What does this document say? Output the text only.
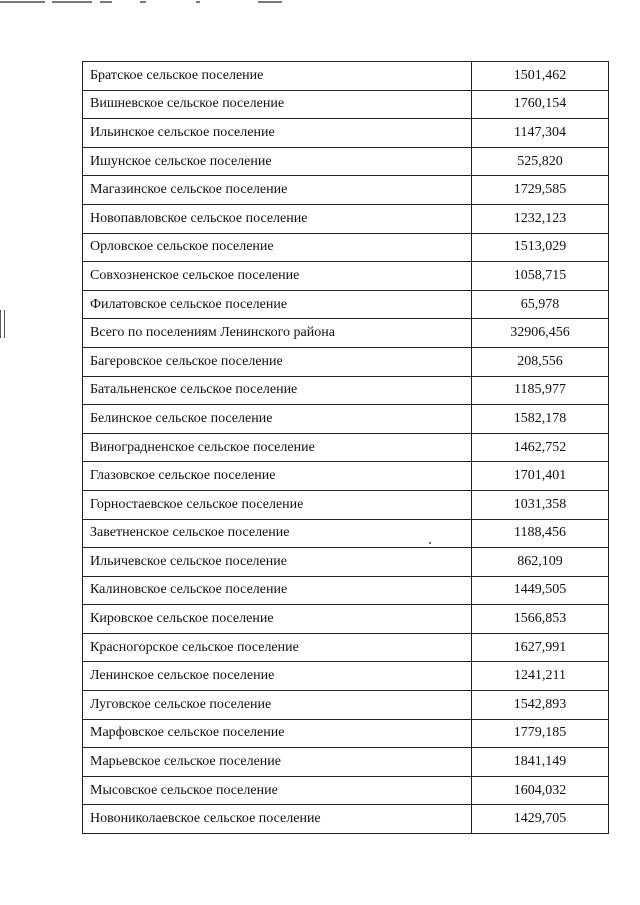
Братское сельское поселение	1501,462
Вишневское сельское поселение	1760,154
Ильинское сельское поселение	1147,304
Ишунское сельское поселение	525,820
Магазинское сельское поселение	1729,585
Новопавловское сельское поселение	1232,123
Орловское сельское поселение	1513,029
Совхозненское сельское поселение	1058,715
Филатовское сельское поселение	65,978
Всего по поселениям Ленинского района	32906,456
Багеровское сельское поселение	208,556
Батальненское сельское поселение	1185,977
Белинское сельское поселение	1582,178
Виноградненское сельское поселение	1462,752
Глазовское сельское поселение	1701,401
Горностаевское сельское поселение	1031,358
Заветненское сельское поселение	1188,456
Ильичевское сельское поселение	862,109
Калиновское сельское поселение	1449,505
Кировское сельское поселение	1566,853
Красногорское сельское поселение	1627,991
Ленинское сельское поселение	1241,211
Луговское сельское поселение	1542,893
Марфовское сельское поселение	1779,185
Марьевское сельское поселение	1841,149
Мысовское сельское поселение	1604,032
Новониколаевское сельское поселение	1429,705
